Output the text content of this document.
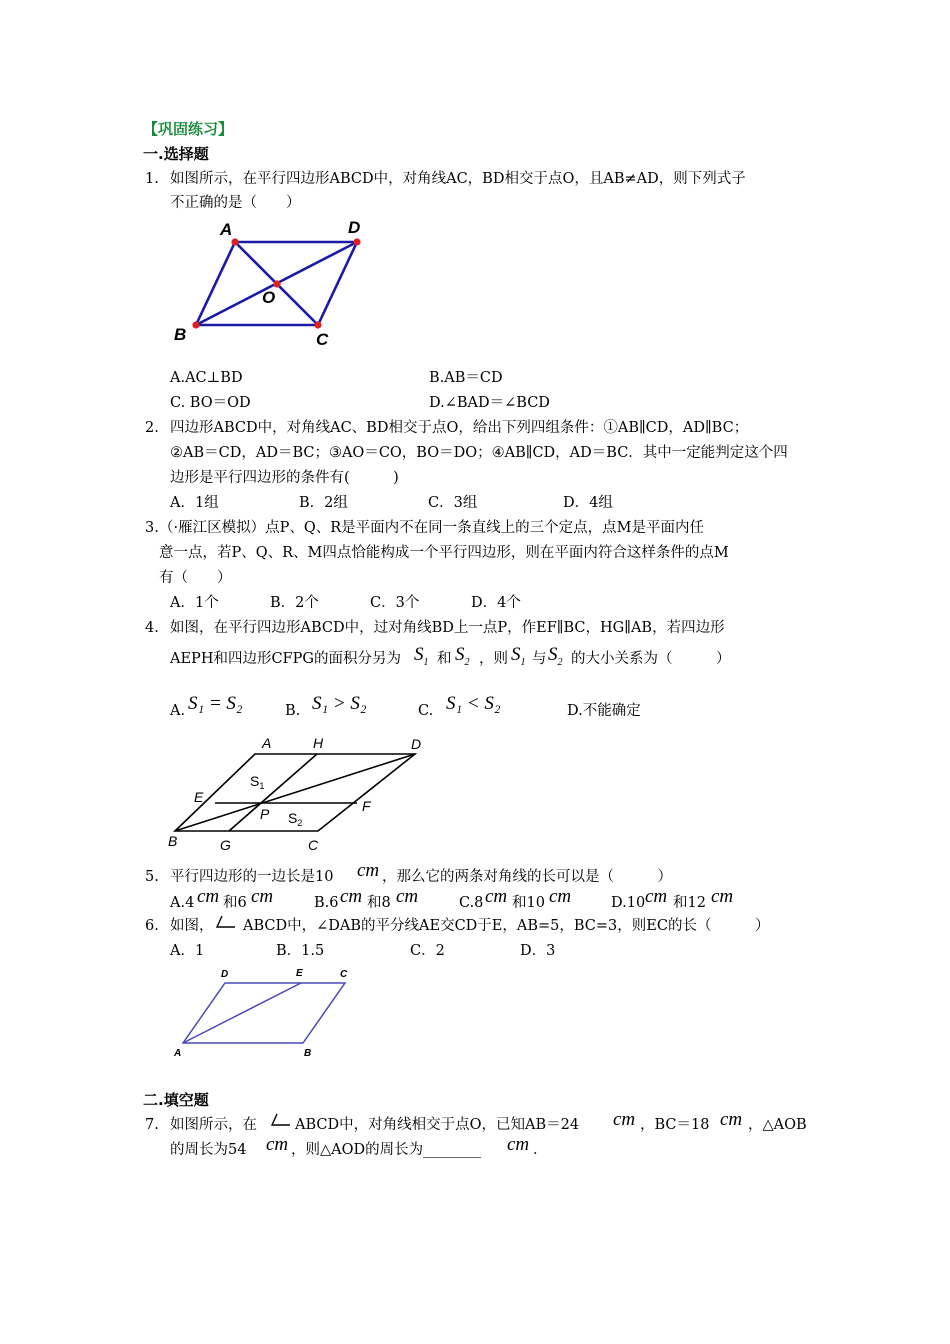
【巩固练习】
一.选择题
1. 如图所示，在平行四边形ABCD中，对角线AC，BD相交于点O，且AB≠AD，则下列式子
不正确的是（　　）
A	D
O
B	C
A.AC⊥BD	B.AB＝CD
C. BO＝OD	D.∠BAD＝∠BCD
2. 四边形ABCD中，对角线AC、BD相交于点O，给出下列四组条件：①AB∥CD，AD∥BC；
②AB＝CD，AD＝BC；③AO＝CO，BO＝DO；④AB∥CD，AD＝BC．其中一定能判定这个四
边形是平行四边形的条件有(　　　)
A．1组	B．2组	C．3组	D．4组
3. （·雁江区模拟）点P、Q、R是平面内不在同一条直线上的三个定点，点M是平面内任
意一点，若P、Q、R、M四点恰能构成一个平行四边形，则在平面内符合这样条件的点M
有（　　）
A．1个	B．2个	C．3个	D．4个
4. 如图，在平行四边形ABCD中，过对角线BD上一点P，作EF∥BC，HG∥AB，若四边形
AEPH和四边形CFPG的面积分另为 $S_1$ 和 $S_2$ ，则 $S_1$ 与 $S_2$ 的大小关系为（　　　）
A. S₁ = S₂	B. S₁ > S₂	C. S₁ < S₂	D.不能确定
A	H	D
E
F
P
B	G	C
$S_1$
$S_2$
5. 平行四边形的一边长是10 cm ，那么它的两条对角线的长可以是（　　　）
A.4 cm 和6 cm	B.6 cm 和8 cm	C.8 cm 和10 cm	D.10 cm 和12 cm
6. 如图， ABCD中，∠DAB的平分线AE交CD于E，AB=5，BC=3，则EC的长（　　　）
A．1	B．1.5	C．2	D．3
D	E	C
A	B
二.填空题
7. 如图所示，在	ABCD中，对角线相交于点O，已知AB＝24 cm ，BC＝18 cm ，△AOB
的周长为54 cm ，则△AOD的周长为________ cm ．
